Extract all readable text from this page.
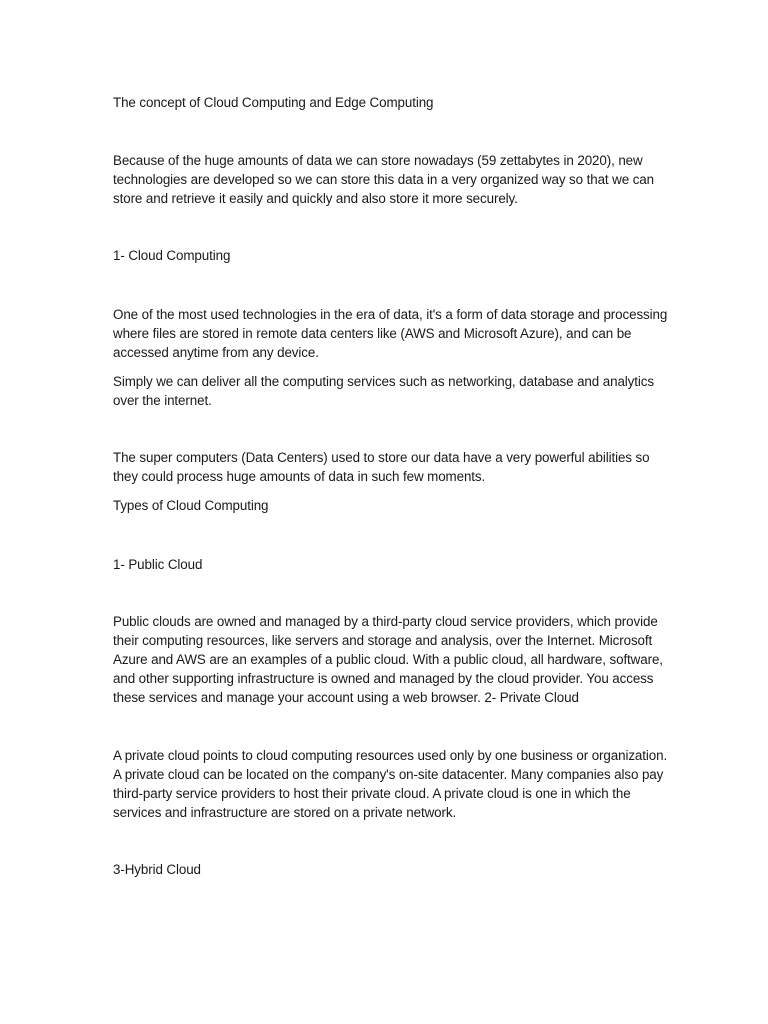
The concept of Cloud Computing and Edge Computing
Because of the huge amounts of data we can store nowadays (59 zettabytes in 2020), new
technologies are developed so we can store this data in a very organized way so that we can
store and retrieve it easily and quickly and also store it more securely.
1- Cloud Computing
One of the most used technologies in the era of data, it's a form of data storage and processing
where files are stored in remote data centers like (AWS and Microsoft Azure), and can be
accessed anytime from any device.
Simply we can deliver all the computing services such as networking, database and analytics
over the internet.
The super computers (Data Centers) used to store our data have a very powerful abilities so
they could process huge amounts of data in such few moments.
Types of Cloud Computing
1- Public Cloud
Public clouds are owned and managed by a third-party cloud service providers, which provide
their computing resources, like servers and storage and analysis, over the Internet. Microsoft
Azure and AWS are an examples of a public cloud. With a public cloud, all hardware, software,
and other supporting infrastructure is owned and managed by the cloud provider. You access
these services and manage your account using a web browser. 2- Private Cloud
A private cloud points to cloud computing resources used only by one business or organization.
A private cloud can be located on the company's on-site datacenter. Many companies also pay
third-party service providers to host their private cloud. A private cloud is one in which the
services and infrastructure are stored on a private network.
3-Hybrid Cloud
